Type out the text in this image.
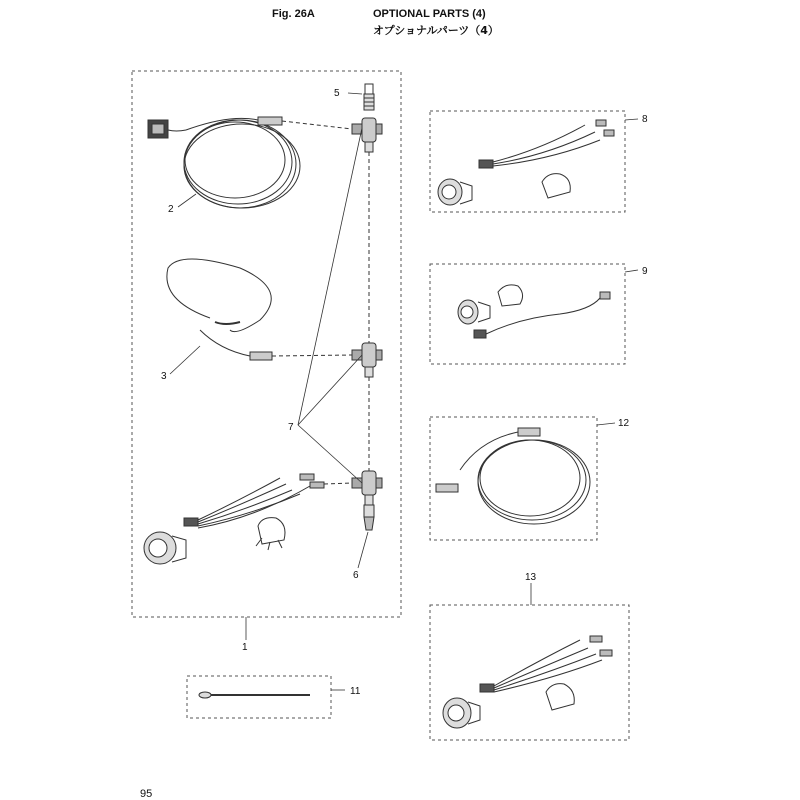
Fig. 26A	OPTIONAL PARTS (4)
オプショナルパーツ（4）
5
2
3
7
6
1
8
9
12
13
11
95
